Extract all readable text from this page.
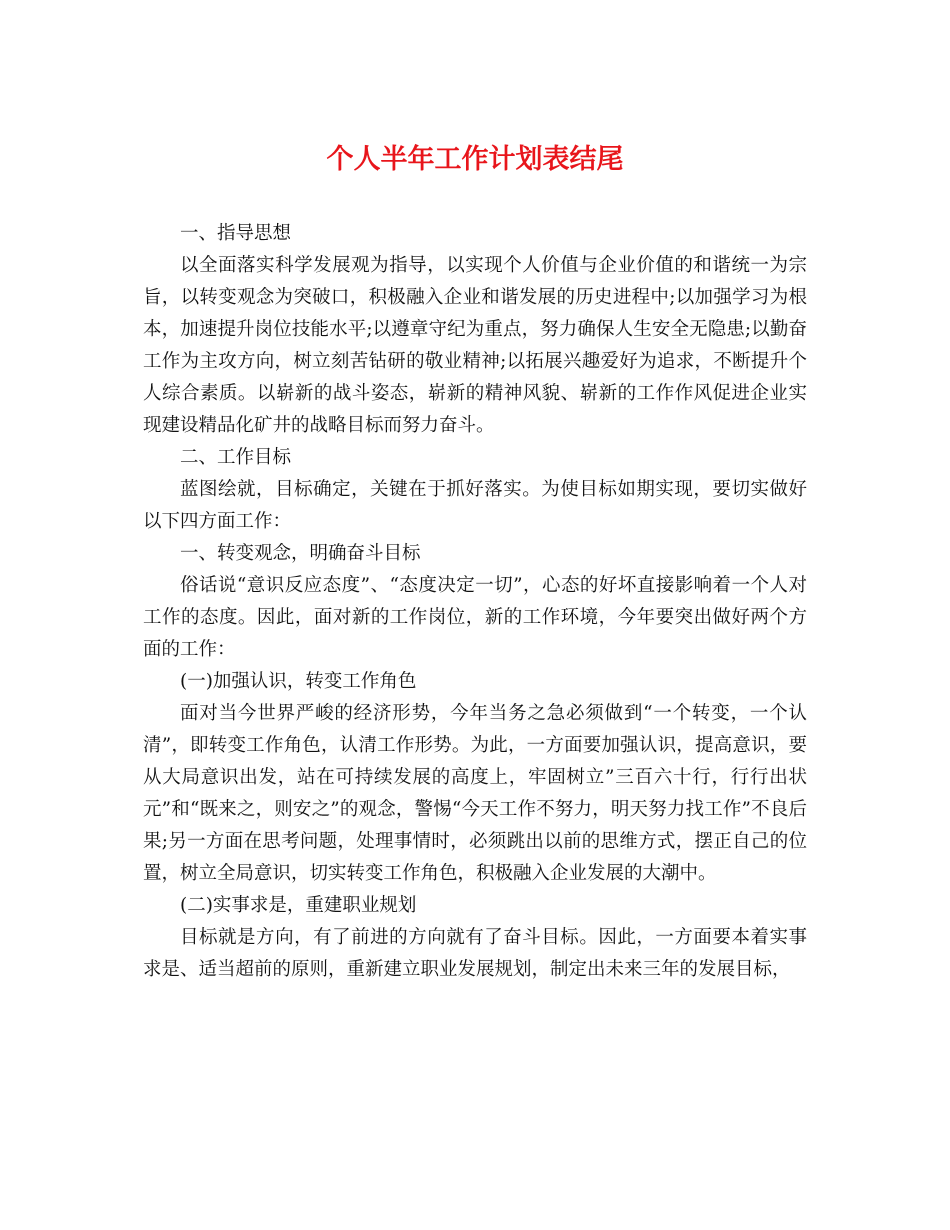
个人半年工作计划表结尾

一、指导思想

以全面落实科学发展观为指导，以实现个人价值与企业价值的和谐统一为宗旨，以转变观念为突破口，积极融入企业和谐发展的历史进程中;以加强学习为根本，加速提升岗位技能水平;以遵章守纪为重点，努力确保人生安全无隐患;以勤奋工作为主攻方向，树立刻苦钻研的敬业精神;以拓展兴趣爱好为追求，不断提升个人综合素质。以崭新的战斗姿态，崭新的精神风貌、崭新的工作作风促进企业实现建设精品化矿井的战略目标而努力奋斗。

二、工作目标

蓝图绘就，目标确定，关键在于抓好落实。为使目标如期实现，要切实做好以下四方面工作：

一、转变观念，明确奋斗目标

俗话说“意识反应态度”、“态度决定一切”，心态的好坏直接影响着一个人对工作的态度。因此，面对新的工作岗位，新的工作环境，今年要突出做好两个方面的工作：

(一)加强认识，转变工作角色

面对当今世界严峻的经济形势，今年当务之急必须做到“一个转变，一个认清”，即转变工作角色，认清工作形势。为此，一方面要加强认识，提高意识，要从大局意识出发，站在可持续发展的高度上，牢固树立”三百六十行，行行出状元”和“既来之，则安之”的观念，警惕“今天工作不努力，明天努力找工作”不良后果;另一方面在思考问题，处理事情时，必须跳出以前的思维方式，摆正自己的位置，树立全局意识，切实转变工作角色，积极融入企业发展的大潮中。

(二)实事求是，重建职业规划

目标就是方向，有了前进的方向就有了奋斗目标。因此，一方面要本着实事求是、适当超前的原则，重新建立职业发展规划，制定出未来三年的发展目标，
